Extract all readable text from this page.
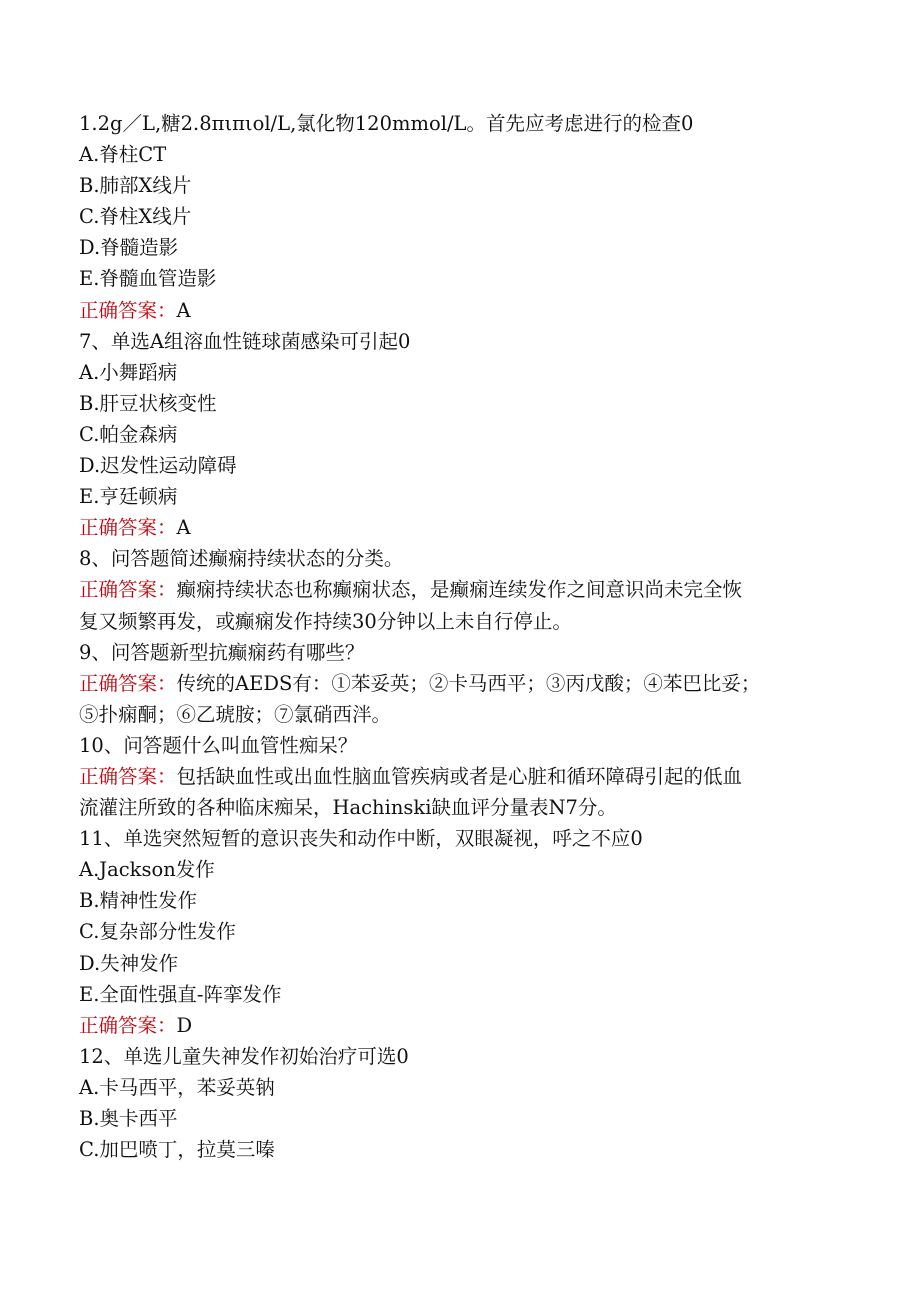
1.2g／L,糖2.8πιπιol/L,氯化物120mmol/L。首先应考虑进行的检查0
A.脊柱CT
B.肺部X线片
C.脊柱X线片
D.脊髓造影
E.脊髓血管造影
正确答案：A
7、单选A组溶血性链球菌感染可引起0
A.小舞蹈病
B.肝豆状核变性
C.帕金森病
D.迟发性运动障碍
E.亨廷顿病
正确答案：A
8、问答题简述癫痫持续状态的分类。
正确答案：癫痫持续状态也称癫痫状态，是癫痫连续发作之间意识尚未完全恢
复又频繁再发，或癫痫发作持续30分钟以上未自行停止。
9、问答题新型抗癫痫药有哪些？
正确答案：传统的AEDS有：①苯妥英；②卡马西平；③丙戊酸；④苯巴比妥；
⑤扑痫酮；⑥乙琥胺；⑦氯硝西泮。
10、问答题什么叫血管性痴呆？
正确答案：包括缺血性或出血性脑血管疾病或者是心脏和循环障碍引起的低血
流灌注所致的各种临床痴呆，Hachinski缺血评分量表N7分。
11、单选突然短暂的意识丧失和动作中断，双眼凝视，呼之不应0
A.Jackson发作
B.精神性发作
C.复杂部分性发作
D.失神发作
E.全面性强直-阵挛发作
正确答案：D
12、单选儿童失神发作初始治疗可选0
A.卡马西平，苯妥英钠
B.奥卡西平
C.加巴喷丁，拉莫三嗪
